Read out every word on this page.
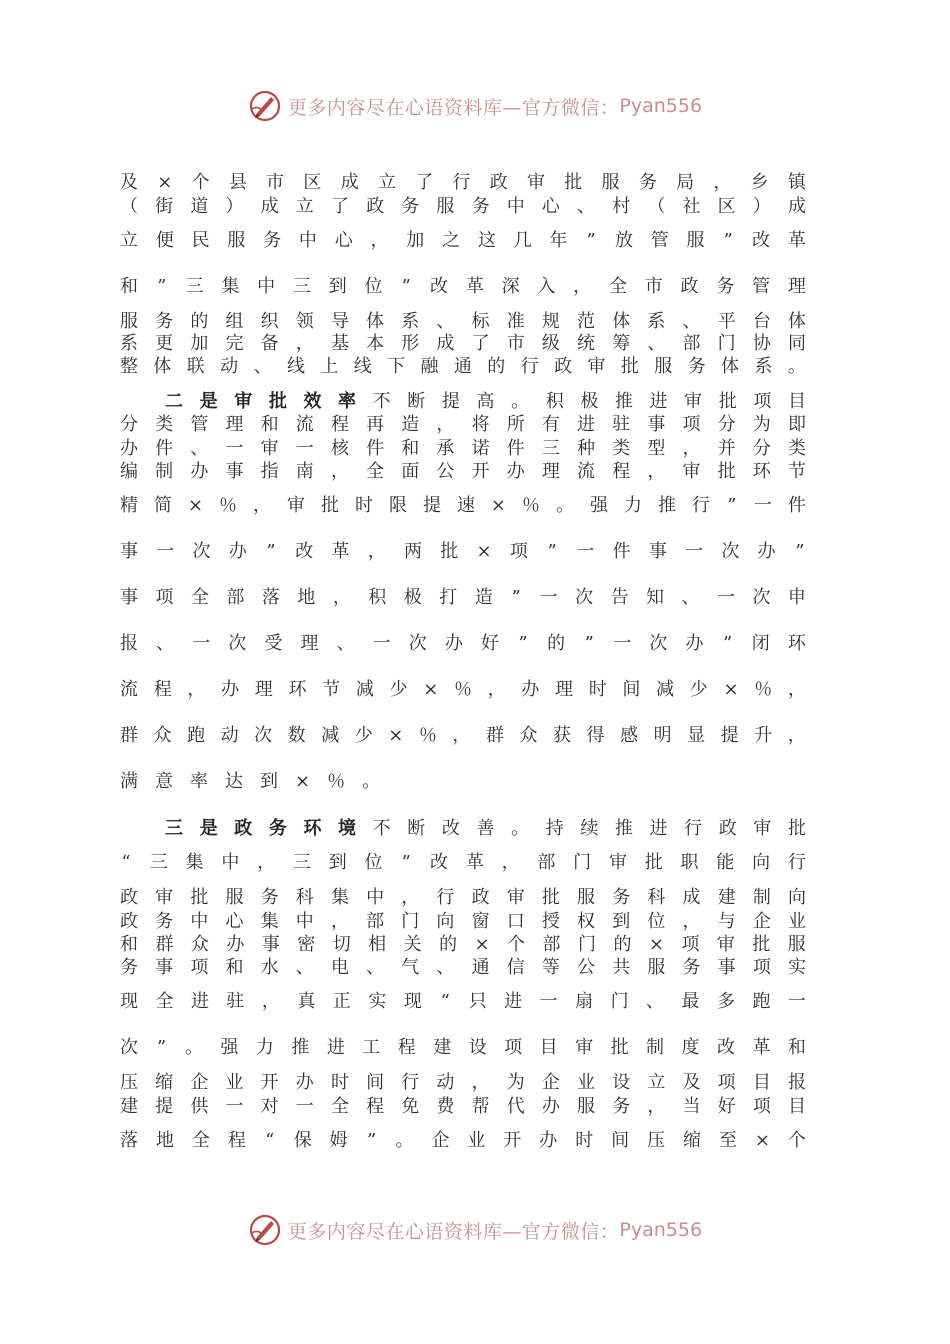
更多内容尽在心语资料库—官方微信： Pyan556
及 × 个 县 市 区 成 立 了 行 政 审 批 服 务 局 ， 乡 镇
（ 街 道 ） 成 立 了 政 务 服 务 中 心 、 村 （ 社 区 ） 成
立 便 民 服 务 中 心 ， 加 之 这 几 年 ” 放 管 服 ” 改 革
和 ” 三 集 中 三 到 位 ” 改 革 深 入 ， 全 市 政 务 管 理
服 务 的 组 织 领 导 体 系 、 标 准 规 范 体 系 、 平 台 体
系 更 加 完 备 ， 基 本 形 成 了 市 级 统 筹 、 部 门 协 同
整 体 联 动 、 线 上 线 下 融 通 的 行 政 审 批 服 务 体 系 。
二 是 审 批 效 率 不 断 提 高 。 积 极 推 进 审 批 项 目
分 类 管 理 和 流 程 再 造 ， 将 所 有 进 驻 事 项 分 为 即
办 件 、 一 审 一 核 件 和 承 诺 件 三 种 类 型 ， 并 分 类
编 制 办 事 指 南 ， 全 面 公 开 办 理 流 程 ， 审 批 环 节
精 简 × ％ ， 审 批 时 限 提 速 × ％ 。 强 力 推 行 ” 一 件
事 一 次 办 ” 改 革 ， 两 批 × 项 ” 一 件 事 一 次 办 ”
事 项 全 部 落 地 ， 积 极 打 造 ” 一 次 告 知 、 一 次 申
报 、 一 次 受 理 、 一 次 办 好 ” 的 ” 一 次 办 ” 闭 环
流 程 ， 办 理 环 节 减 少 × ％ ， 办 理 时 间 减 少 × ％ ，
群 众 跑 动 次 数 减 少 × ％ ， 群 众 获 得 感 明 显 提 升 ，
满 意 率 达 到 × ％ 。
三 是 政 务 环 境 不 断 改 善 。 持 续 推 进 行 政 审 批
“ 三 集 中 ， 三 到 位 ” 改 革 ， 部 门 审 批 职 能 向 行
政 审 批 服 务 科 集 中 ， 行 政 审 批 服 务 科 成 建 制 向
政 务 中 心 集 中 ， 部 门 向 窗 口 授 权 到 位 ， 与 企 业
和 群 众 办 事 密 切 相 关 的 × 个 部 门 的 × 项 审 批 服
务 事 项 和 水 、 电 、 气 、 通 信 等 公 共 服 务 事 项 实
现 全 进 驻 ， 真 正 实 现 “ 只 进 一 扇 门 、 最 多 跑 一
次 ” 。 强 力 推 进 工 程 建 设 项 目 审 批 制 度 改 革 和
压 缩 企 业 开 办 时 间 行 动 ， 为 企 业 设 立 及 项 目 报
建 提 供 一 对 一 全 程 免 费 帮 代 办 服 务 ， 当 好 项 目
落 地 全 程 “ 保 姆 ” 。 企 业 开 办 时 间 压 缩 至 × 个
更多内容尽在心语资料库—官方微信： Pyan556
